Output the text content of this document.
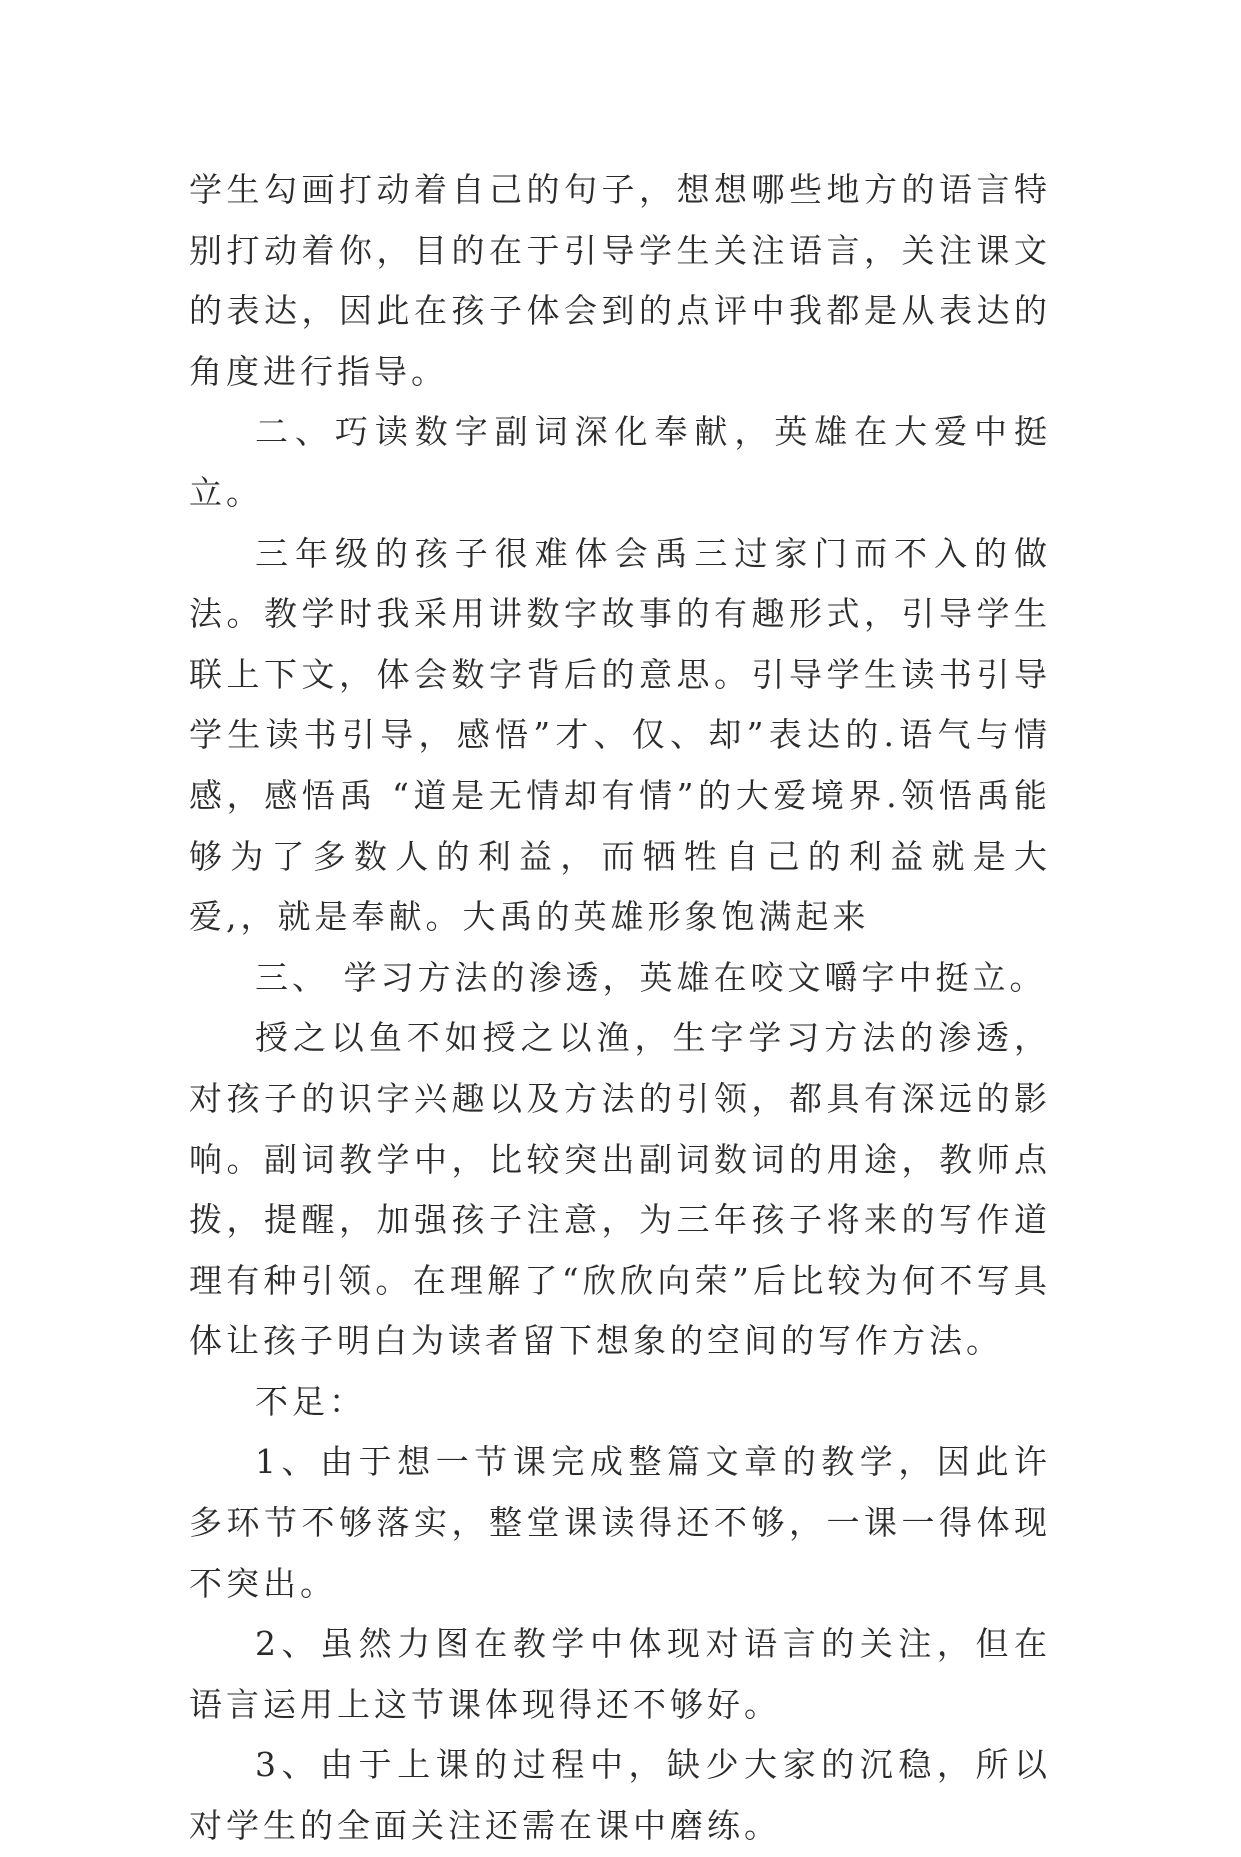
学生勾画打动着自己的句子，想想哪些地方的语言特别打动着你，目的在于引导学生关注语言，关注课文的表达，因此在孩子体会到的点评中我都是从表达的角度进行指导。

二、巧读数字副词深化奉献，英雄在大爱中挺立。

三年级的孩子很难体会禹三过家门而不入的做法。教学时我采用讲数字故事的有趣形式，引导学生联上下文，体会数字背后的意思。引导学生读书引导学生读书引导，感悟”才、仅、却”表达的.语气与情感，感悟禹 “道是无情却有情”的大爱境界.领悟禹能够为了多数人的利益，而牺牲自己的利益就是大爱,，就是奉献。大禹的英雄形象饱满起来

三、 学习方法的渗透，英雄在咬文嚼字中挺立。

授之以鱼不如授之以渔，生字学习方法的渗透，对孩子的识字兴趣以及方法的引领，都具有深远的影响。副词教学中，比较突出副词数词的用途，教师点拨，提醒，加强孩子注意，为三年孩子将来的写作道理有种引领。在理解了“欣欣向荣”后比较为何不写具体让孩子明白为读者留下想象的空间的写作方法。

不足：

1、由于想一节课完成整篇文章的教学，因此许多环节不够落实，整堂课读得还不够，一课一得体现不突出。

2、虽然力图在教学中体现对语言的关注，但在语言运用上这节课体现得还不够好。

3、由于上课的过程中，缺少大家的沉稳，所以对学生的全面关注还需在课中磨练。
